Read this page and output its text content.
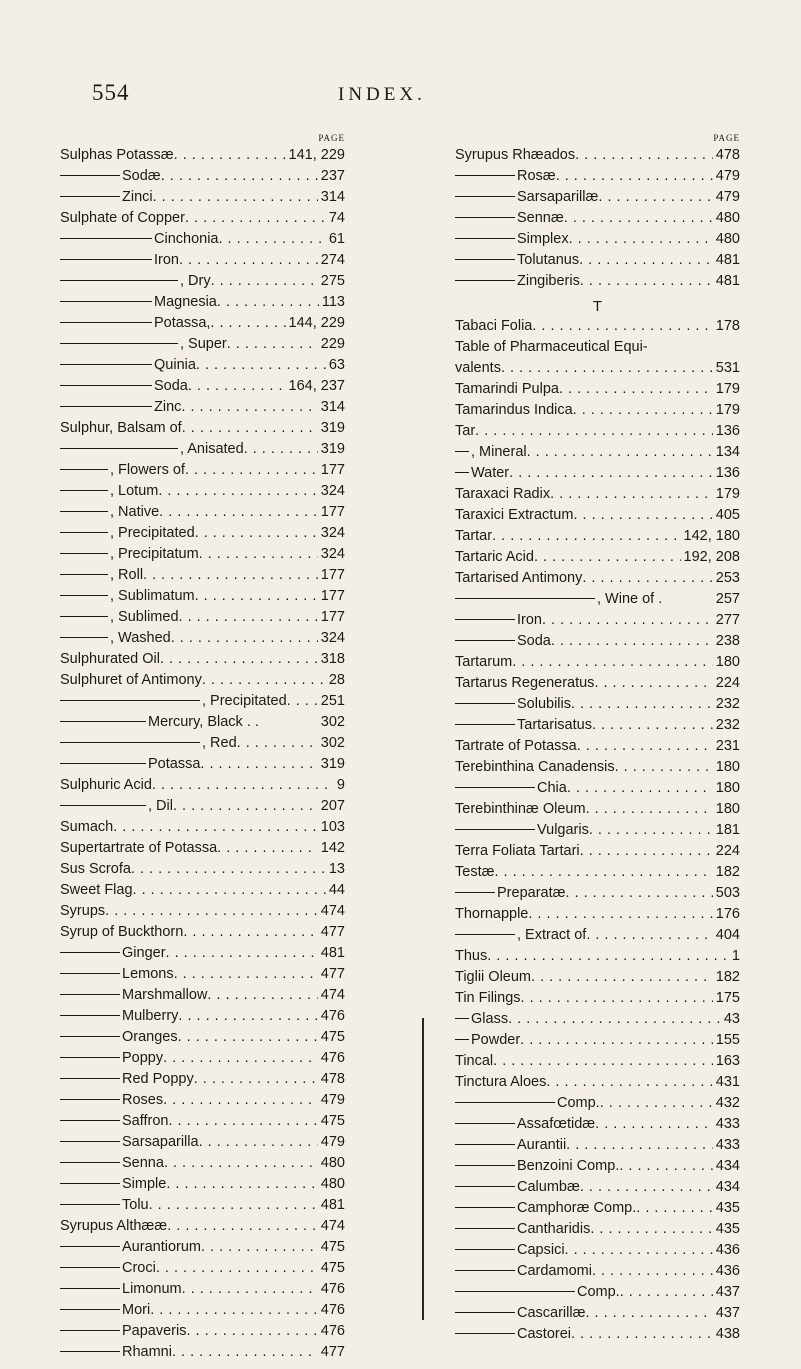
554	INDEX.
PAGE
Sulphas Potassæ . . .	141, 229
Sodæ . . .	237
Zinci . . .	314
Sulphate of Copper . . .	74
Cinchonia . . .	61
Iron . . .	274
, Dry . . .	275
Magnesia . . .	113
Potassa, . . .	144, 229
, Super . . .	229
Quinia . . .	63
Soda . . .	164, 237
Zinc . . .	314
Sulphur, Balsam of . . .	319
, Anisated . . .	319
, Flowers of . . .	177
, Lotum . . .	324
, Native . . .	177
, Precipitated . . .	324
, Precipitatum . . .	324
, Roll . . .	177
, Sublimatum . . .	177
, Sublimed . . .	177
, Washed . . .	324
Sulphurated Oil . . .	318
Sulphuret of Antimony . . .	28
, Precipitated . . . 251
Mercury, Black . .	302
, Red . . .	302
Potassa . . .	319
Sulphuric Acid . . .	9
, Dil . . .	207
Sumach . . .	103
Supertartrate of Potassa . . .	142
Sus Scrofa . . .	13
Sweet Flag . . .	44
Syrups . . .	474
Syrup of Buckthorn . . .	477
Ginger . . .	481
Lemons . . .	477
Marshmallow . . .	474
Mulberry . . .	476
Oranges . . .	475
Poppy . . .	476
Red Poppy . . .	478
Roses . . .	479
Saffron . . .	475
Sarsaparilla . . .	479
Senna . . .	480
Simple . . .	480
Tolu . . .	481
Syrupus Althææ . . .	474
Aurantiorum . . .	475
Croci . . .	475
Limonum . . .	476
Mori . . .	476
Papaveris . . .	476
Rhamni . . .	477
PAGE
Syrupus Rhæados . . .	478
Rosæ . . .	479
Sarsaparillæ . . .	479
Sennæ . . .	480
Simplex . . .	480
Tolutanus . . .	481
Zingiberis . . .	481
T
Tabaci Folia . . .	178
Table of Pharmaceutical Equi-
valents . . .	531
Tamarindi Pulpa . . .	179
Tamarindus Indica . . .	179
Tar . . .	136
, Mineral . . .	134
Water . . .	136
Taraxaci Radix . . .	179
Taraxici Extractum . . .	405
Tartar . . .	142, 180
Tartaric Acid . . .	192, 208
Tartarised Antimony . . .	253
, Wine of .	257
Iron . . .	277
Soda . . .	238
Tartarum . . .	180
Tartarus Regeneratus . . .	224
Solubilis . . .	232
Tartarisatus . . .	232
Tartrate of Potassa . . .	231
Terebinthina Canadensis . . .	180
Chia . . .	180
Terebinthinæ Oleum . . .	180
Vulgaris . . .	181
Terra Foliata Tartari . . .	224
Testæ . . .	182
Preparatæ . . .	503
Thornapple . . .	176
, Extract of . . .	404
Thus . . .	1
Tiglii Oleum . . .	182
Tin Filings . . .	175
Glass . . .	43
Powder . . .	155
Tincal . . .	163
Tinctura Aloes . . .	431
Comp. . . .	432
Assafœtidæ . . .	433
Aurantii . . .	433
Benzoini Comp. . . .	434
Calumbæ . . .	434
Camphoræ Comp. . . .	435
Cantharidis . . .	435
Capsici . . .	436
Cardamomi . . .	436
Comp. . . .	437
Cascarillæ . . .	437
Castorei . . .	438
